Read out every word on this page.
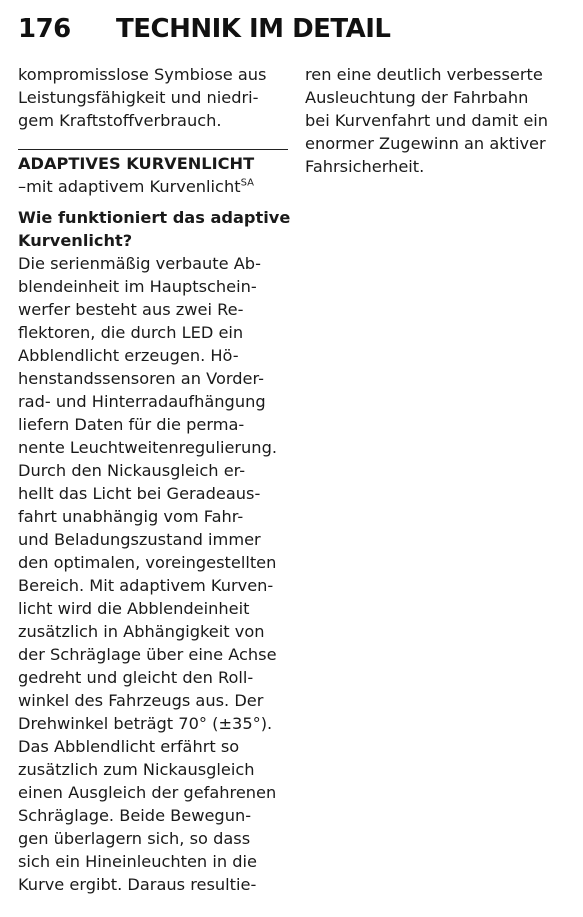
176	TECHNIK IM DETAIL
kompromisslose Symbiose aus
Leistungsfähigkeit und niedri-
gem Kraftstoffverbrauch.
ADAPTIVES KURVENLICHT
–mit adaptivem Kurvenlicht$^{SA}$
Wie funktioniert das adaptive
Kurvenlicht?
Die serienmäßig verbaute Ab-
blendeinheit im Hauptschein-
werfer besteht aus zwei Re-
flektoren, die durch LED ein
Abblendlicht erzeugen. Hö-
henstandssensoren an Vorder-
rad- und Hinterradaufhängung
liefern Daten für die perma-
nente Leuchtweitenregulierung.
Durch den Nickausgleich er-
hellt das Licht bei Geradeaus-
fahrt unabhängig vom Fahr-
und Beladungszustand immer
den optimalen, voreingestellten
Bereich. Mit adaptivem Kurven-
licht wird die Abblendeinheit
zusätzlich in Abhängigkeit von
der Schräglage über eine Achse
gedreht und gleicht den Roll-
winkel des Fahrzeugs aus. Der
Drehwinkel beträgt 70° (±35°).
Das Abblendlicht erfährt so
zusätzlich zum Nickausgleich
einen Ausgleich der gefahrenen
Schräglage. Beide Bewegun-
gen überlagern sich, so dass
sich ein Hineinleuchten in die
Kurve ergibt. Daraus resultie-
ren eine deutlich verbesserte
Ausleuchtung der Fahrbahn
bei Kurvenfahrt und damit ein
enormer Zugewinn an aktiver
Fahrsicherheit.
